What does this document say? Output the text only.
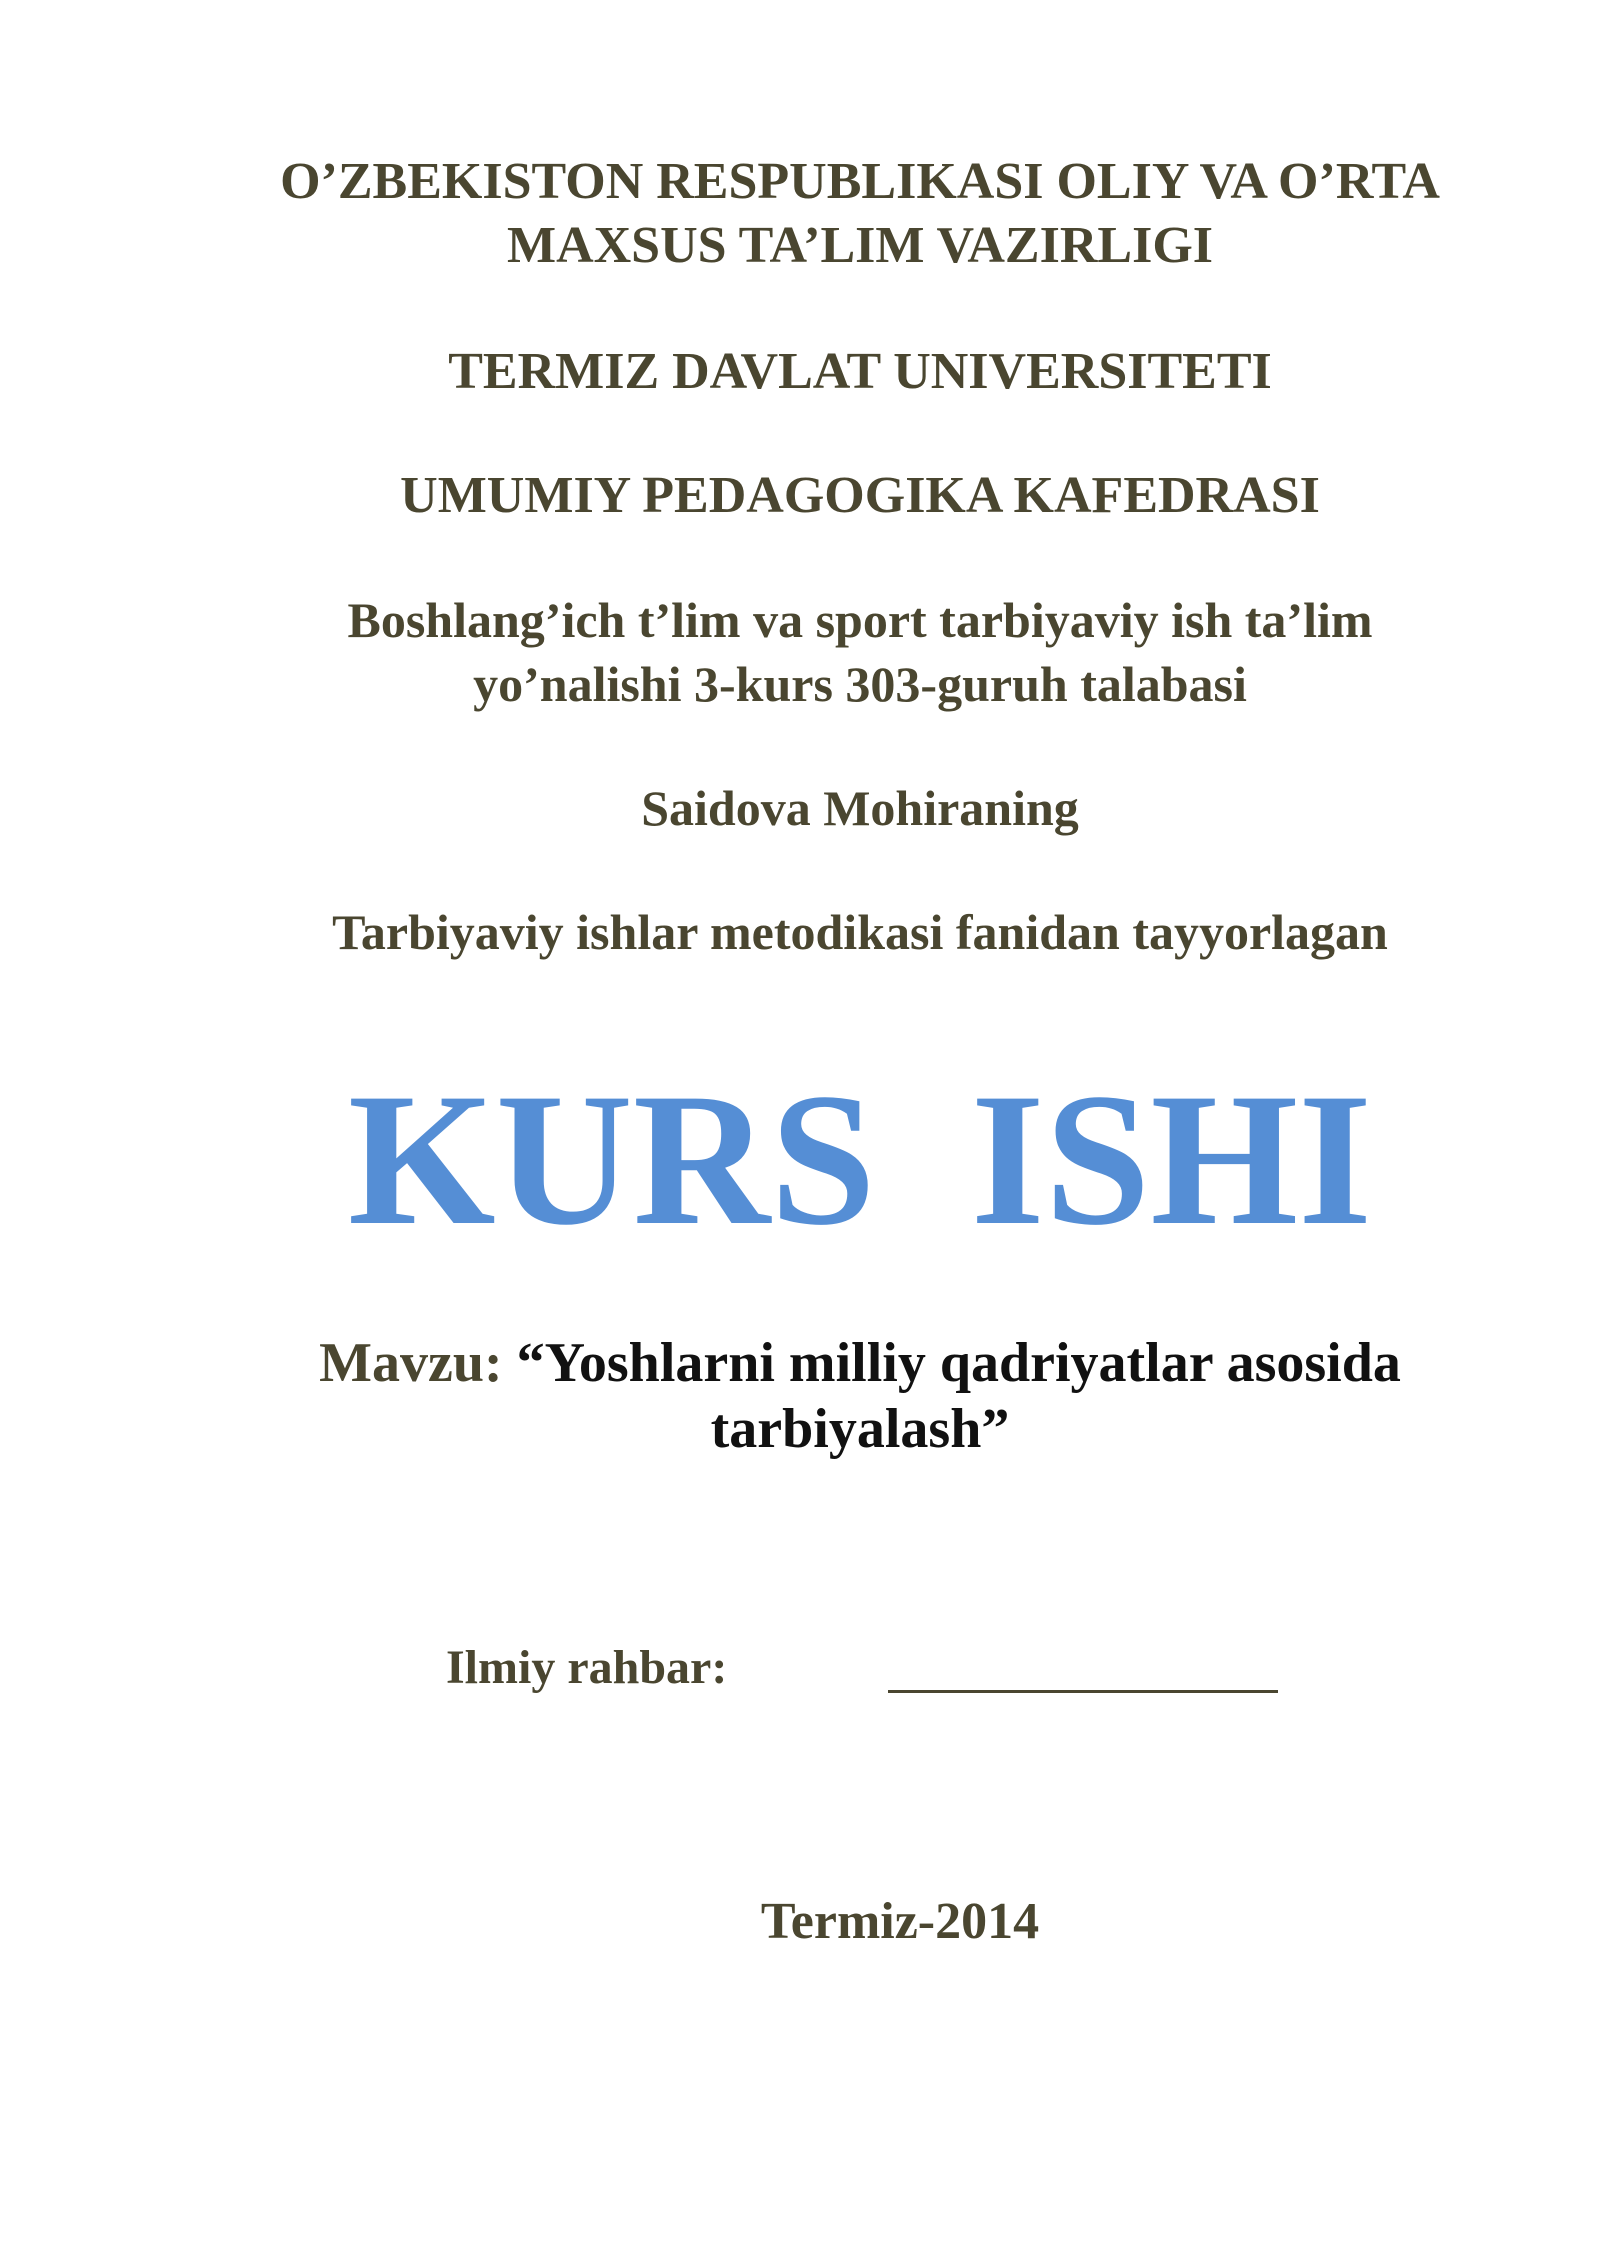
O’ZBEKISTON RESPUBLIKASI OLIY VA O’RTA
MAXSUS TA’LIM VAZIRLIGI
TERMIZ DAVLAT UNIVERSITETI
UMUMIY PEDAGOGIKA KAFEDRASI
Boshlang’ich t’lim va sport tarbiyaviy ish ta’lim
yo’nalishi 3-kurs 303-guruh talabasi
Saidova Mohiraning
Tarbiyaviy ishlar metodikasi fanidan tayyorlagan
KURS  ISHI
Mavzu: “Yoshlarni milliy qadriyatlar asosida
tarbiyalash”
Ilmiy rahbar:
Termiz-2014
